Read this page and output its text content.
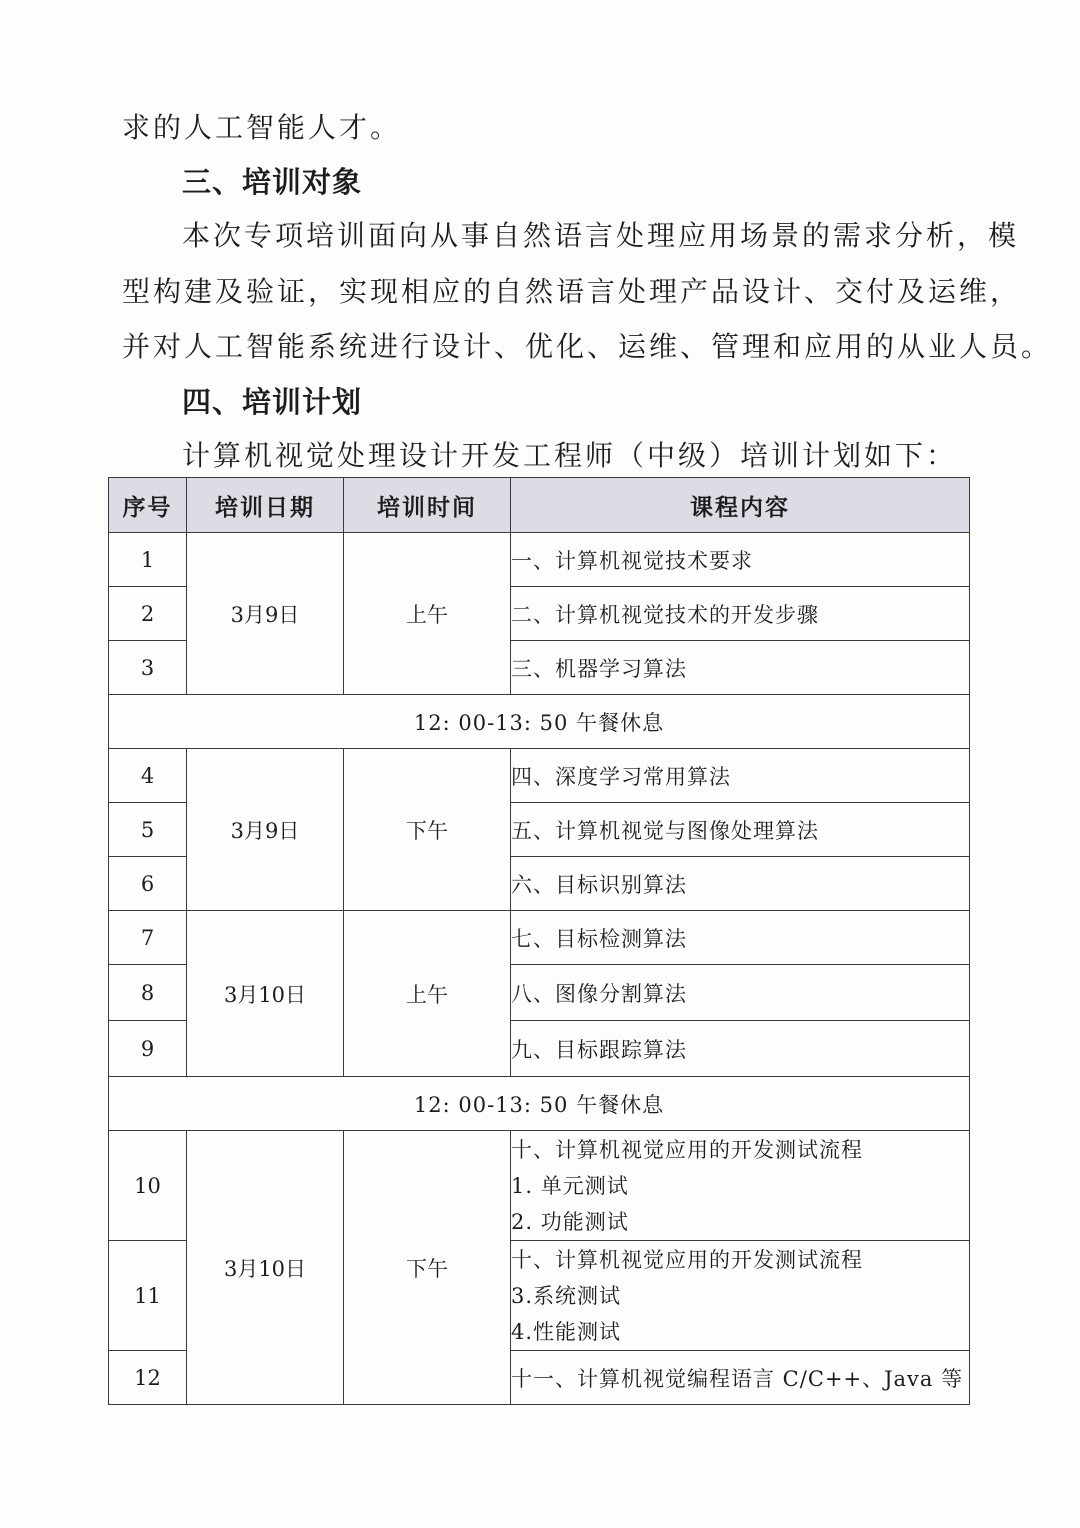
求的人工智能人才。
三、培训对象
本次专项培训面向从事自然语言处理应用场景的需求分析，模
型构建及验证，实现相应的自然语言处理产品设计、交付及运维，
并对人工智能系统进行设计、优化、运维、管理和应用的从业人员。
四、培训计划
计算机视觉处理设计开发工程师（中级）培训计划如下：
序号	培训日期	培训时间	课程内容
1	3月9日	上午	一、计算机视觉技术要求
2			二、计算机视觉技术的开发步骤
3			三、机器学习算法
12: 00-13: 50 午餐休息			
4	3月9日	下午	四、深度学习常用算法
5			五、计算机视觉与图像处理算法
6			六、目标识别算法
7	3月10日	上午	七、目标检测算法
8			八、图像分割算法
9			九、目标跟踪算法
12: 00-13: 50 午餐休息			
10	3月10日	下午	十、计算机视觉应用的开发测试流程
1. 单元测试
2. 功能测试

11			十、计算机视觉应用的开发测试流程
3.系统测试
4.性能测试

12			十一、计算机视觉编程语言 C/C++、Java 等
